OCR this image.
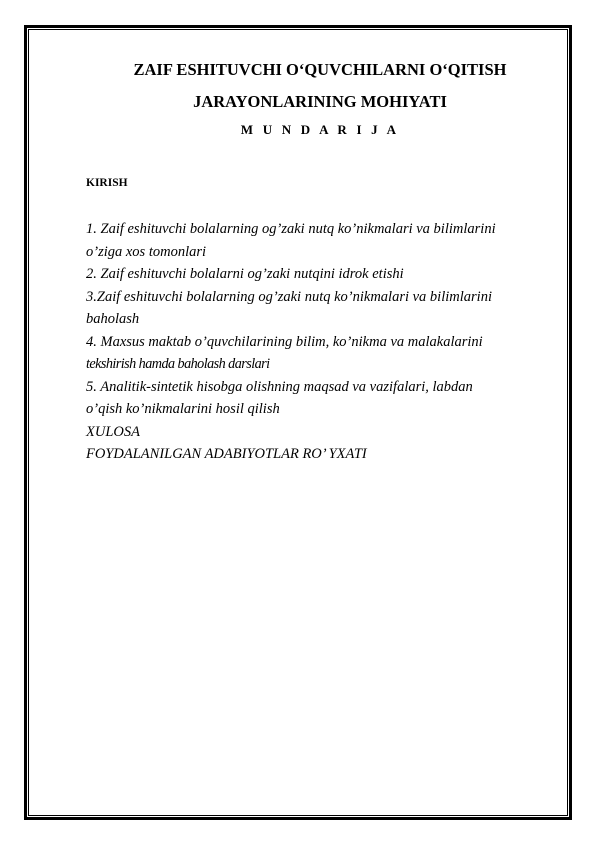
ZAIF ESHITUVCHI O‘QUVCHILARNI O‘QITISH
JARAYONLARINING MOHIYATI
M U N D A R I J A
KIRISH
1. Zaif eshituvchi bolalarning og’zaki nutq ko’nikmalari va bilimlarini
o’ziga xos tomonlari
2. Zaif eshituvchi bolalarni og’zaki nutqini idrok etishi
3.Zaif eshituvchi bolalarning og’zaki nutq ko’nikmalari va bilimlarini
baholash
4. Maxsus maktab o’quvchilarining bilim, ko’nikma va malakalarini
tekshirish hamda baholash darslari
5. Analitik-sintetik hisobga olishning maqsad va vazifalari, labdan
o’qish ko’nikmalarini hosil qilish
XULOSA
FOYDALANILGAN ADABIYOTLAR RO’ YXATI
